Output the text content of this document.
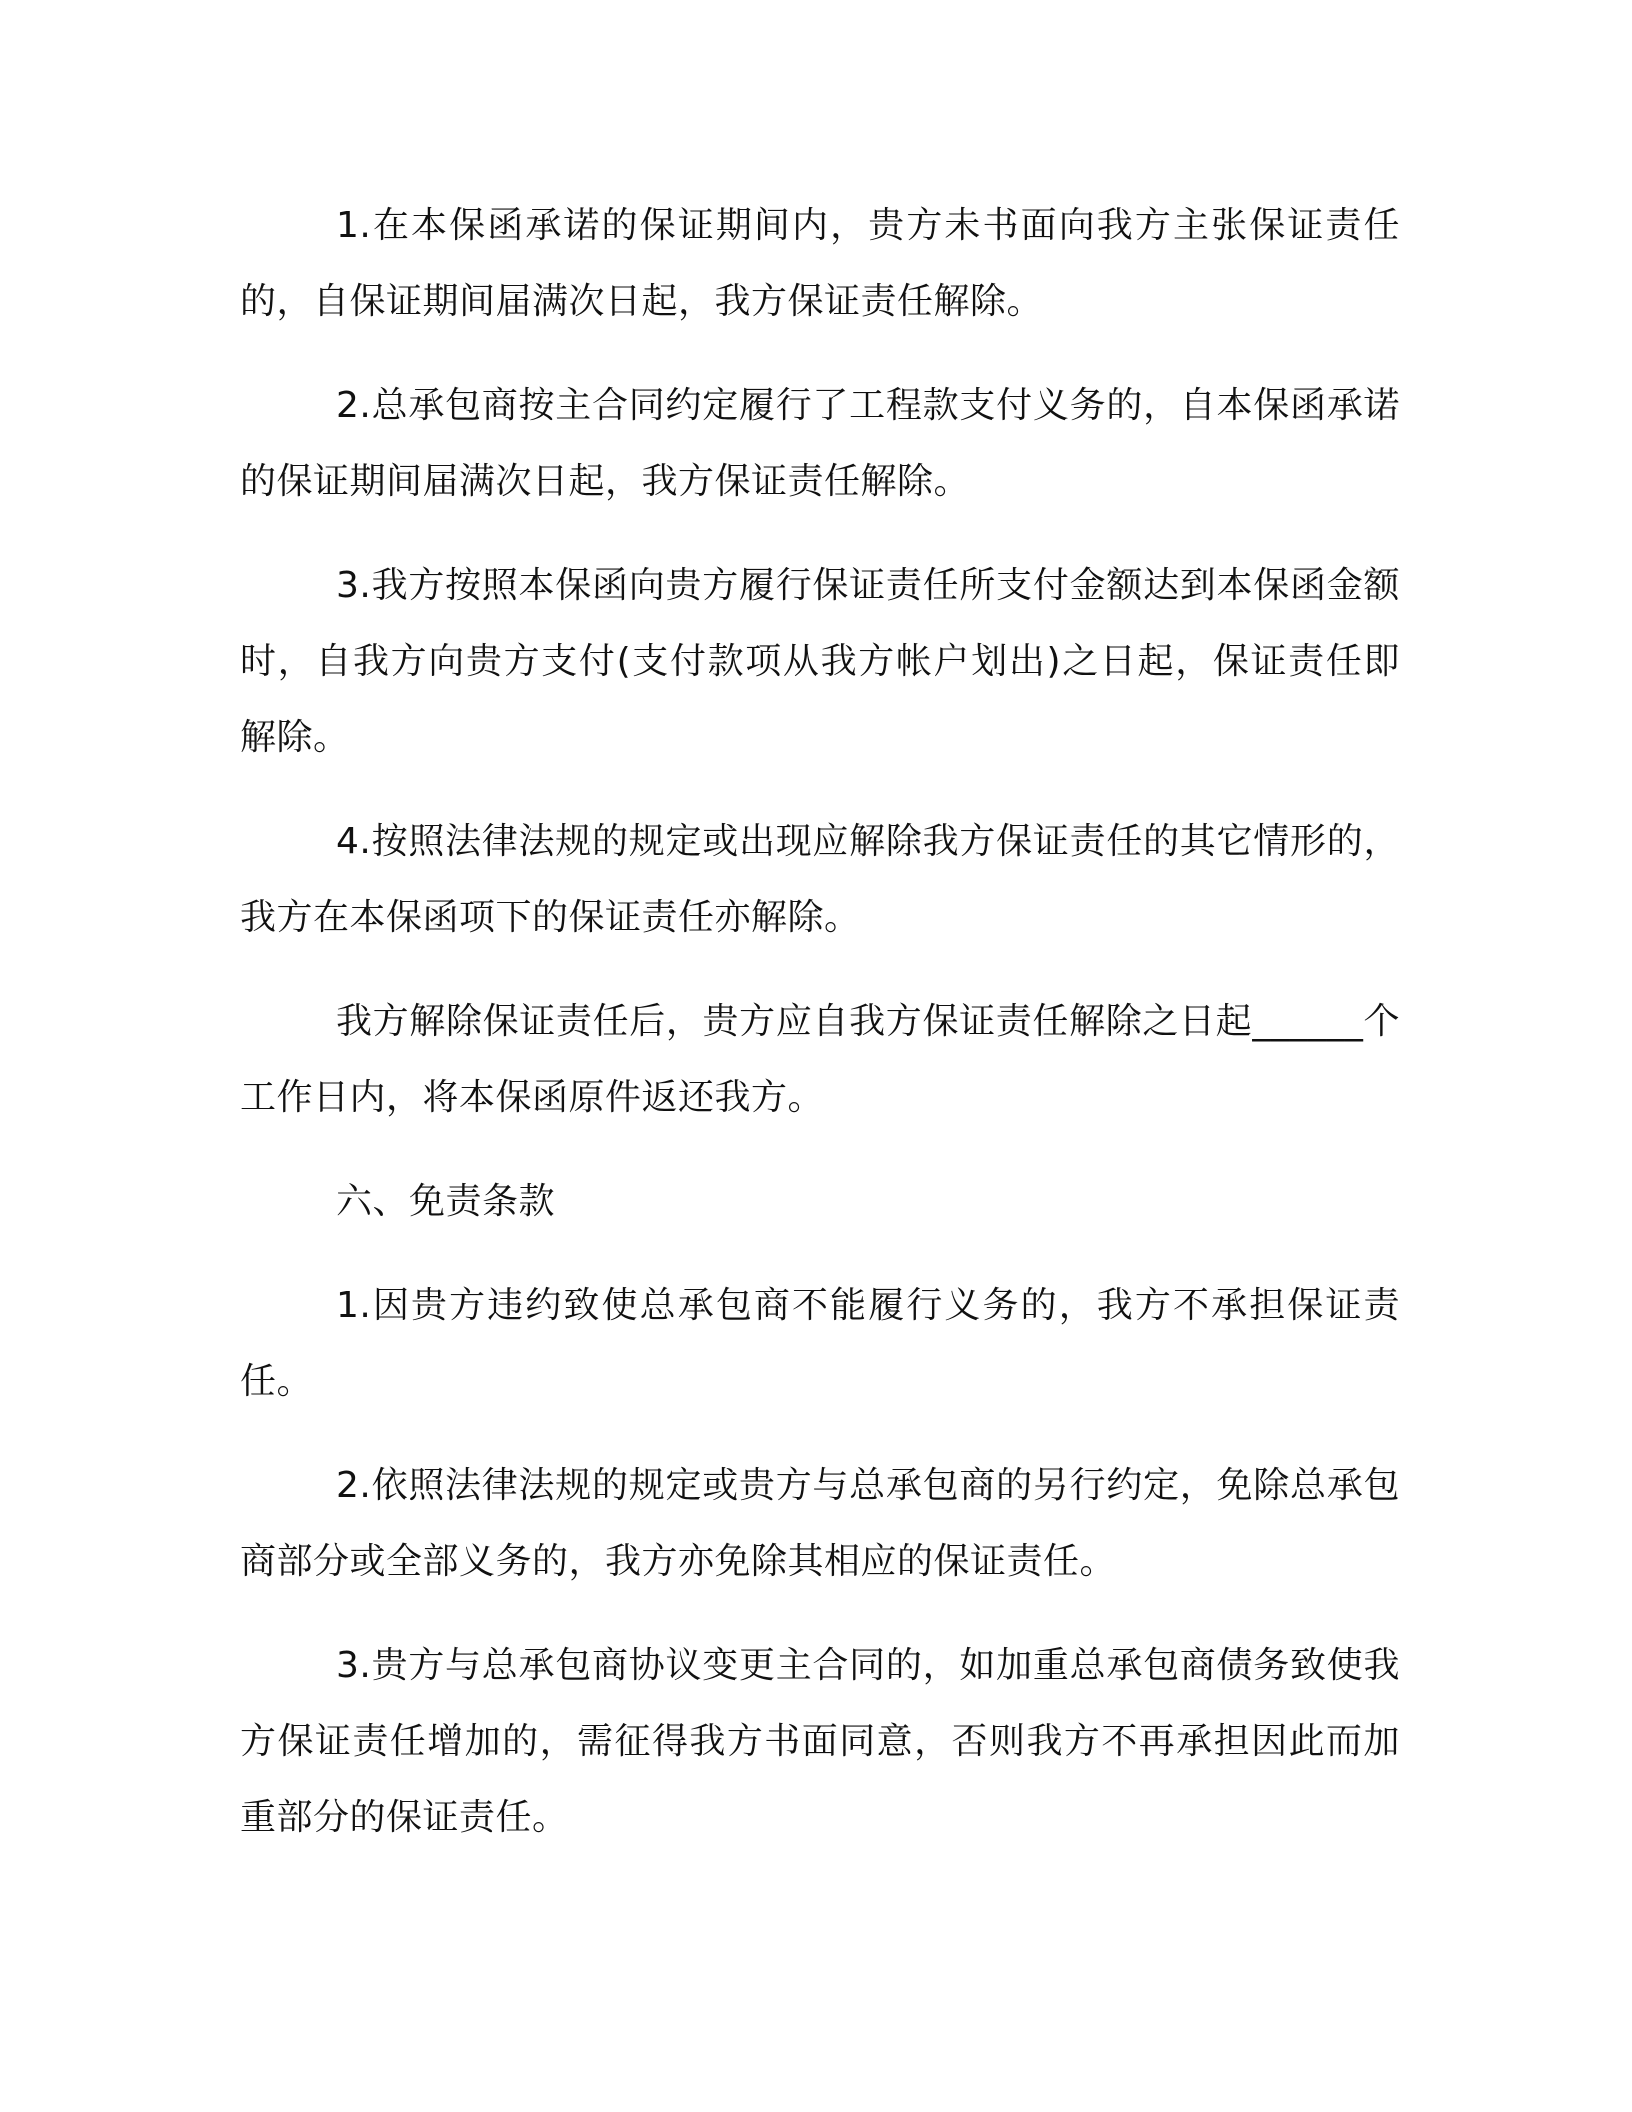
1.在本保函承诺的保证期间内，贵方未书面向我方主张保证责任的，自保证期间届满次日起，我方保证责任解除。

2.总承包商按主合同约定履行了工程款支付义务的，自本保函承诺的保证期间届满次日起，我方保证责任解除。

3.我方按照本保函向贵方履行保证责任所支付金额达到本保函金额时，自我方向贵方支付(支付款项从我方帐户划出)之日起，保证责任即解除。

4.按照法律法规的规定或出现应解除我方保证责任的其它情形的，我方在本保函项下的保证责任亦解除。

我方解除保证责任后，贵方应自我方保证责任解除之日起______个工作日内，将本保函原件返还我方。

六、免责条款

1.因贵方违约致使总承包商不能履行义务的，我方不承担保证责任。

2.依照法律法规的规定或贵方与总承包商的另行约定，免除总承包商部分或全部义务的，我方亦免除其相应的保证责任。

3.贵方与总承包商协议变更主合同的，如加重总承包商债务致使我方保证责任增加的，需征得我方书面同意，否则我方不再承担因此而加重部分的保证责任。
